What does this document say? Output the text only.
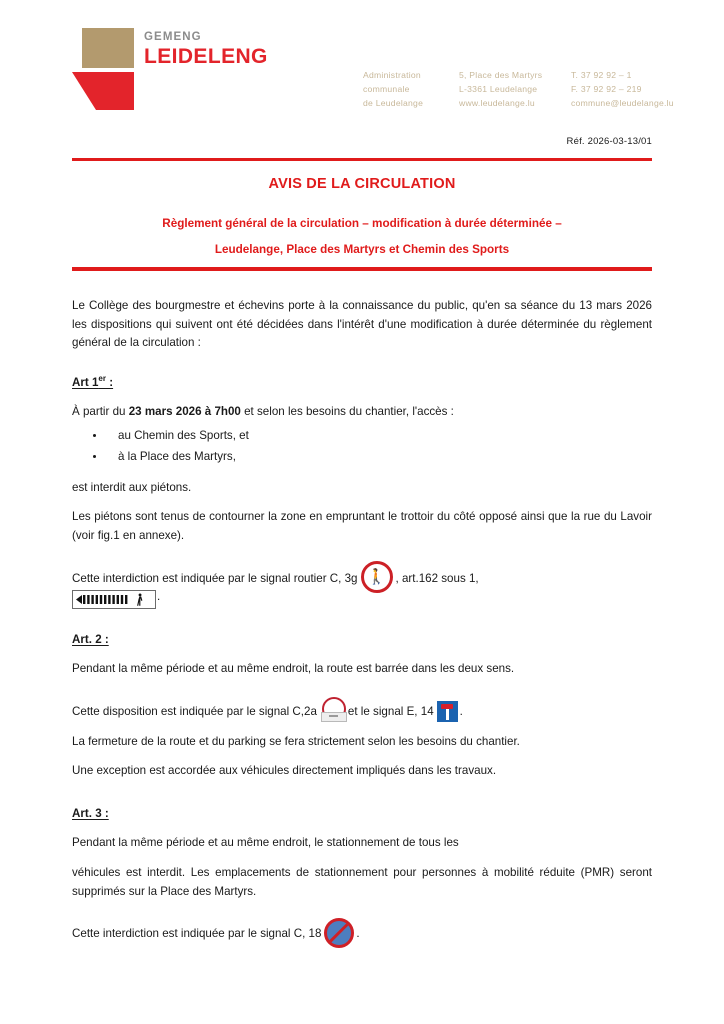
GEMENG
LEIDELENG
Administration
communale
de Leudelange
5, Place des Martyrs
L-3361 Leudelange
www.leudelange.lu
T. 37 92 92 – 1
F. 37 92 92 – 219
commune@leudelange.lu
Réf. 2026-03-13/01
AVIS DE LA CIRCULATION
Règlement général de la circulation – modification à durée déterminée –
Leudelange, Place des Martyrs et Chemin des Sports

Le Collège des bourgmestre et échevins porte à la connaissance du public, qu'en sa séance du 13 mars 2026 les dispositions qui suivent ont été décidées dans l'intérêt d'une modification à durée déterminée du règlement général de la circulation :

Art 1er :

À partir du 23 mars 2026 à 7h00 et selon les besoins du chantier, l'accès :

• au Chemin des Sports, et
• à la Place des Martyrs,

est interdit aux piétons.

Les piétons sont tenus de contourner la zone en empruntant le trottoir du côté opposé ainsi que la rue du Lavoir (voir fig.1 en annexe).

Cette interdiction est indiquée par le signal routier C, 3g 🚶 , art.162 sous 1,

.

Art. 2 :

Pendant la même période et au même endroit, la route est barrée dans les deux sens.

Cette disposition est indiquée par le signal C,2a	et le signal E, 14 .

La fermeture de la route et du parking se fera strictement selon les besoins du chantier.

Une exception est accordée aux véhicules directement impliqués dans les travaux.

Art. 3 :

Pendant la même période et au même endroit, le stationnement de tous les

véhicules est interdit. Les emplacements de stationnement pour personnes à mobilité réduite (PMR) seront supprimés sur la Place des Martyrs.

Cette interdiction est indiquée par le signal C, 18	.
